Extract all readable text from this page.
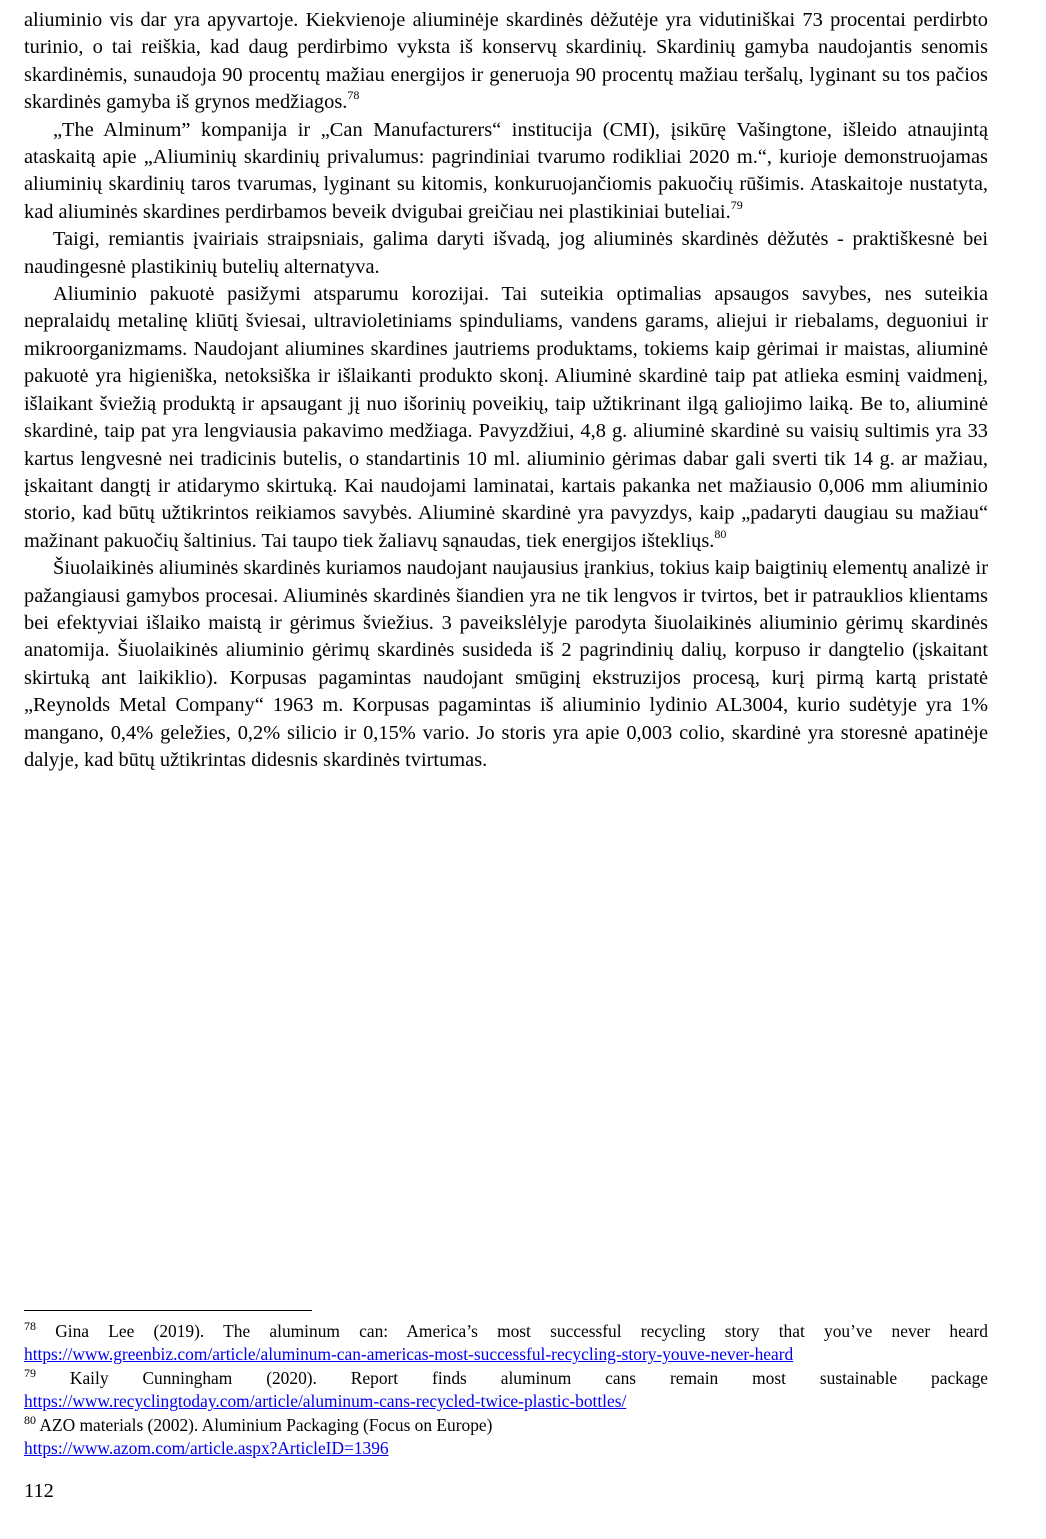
aliuminio vis dar yra apyvartoje. Kiekvienoje aliuminėje skardinės dėžutėje yra vidutiniškai 73 procentai perdirbto turinio, o tai reiškia, kad daug perdirbimo vyksta iš konservų skardinių. Skardinių gamyba naudojantis senomis skardinėmis, sunaudoja 90 procentų mažiau energijos ir generuoja 90 procentų mažiau teršalų, lyginant su tos pačios skardinės gamyba iš grynos medžiagos.$^{78}$

„The Alminum” kompanija ir „Can Manufacturers“ institucija (CMI), įsikūrę Vašingtone, išleido atnaujintą ataskaitą apie „Aliuminių skardinių privalumus: pagrindiniai tvarumo rodikliai 2020 m.“, kurioje demonstruojamas aliuminių skardinių taros tvarumas, lyginant su kitomis, konkuruojančiomis pakuočių rūšimis. Ataskaitoje nustatyta, kad aliuminės skardines perdirbamos beveik dvigubai greičiau nei plastikiniai buteliai.$^{79}$

Taigi, remiantis įvairiais straipsniais, galima daryti išvadą, jog aliuminės skardinės dėžutės - praktiškesnė bei naudingesnė plastikinių butelių alternatyva.

Aliuminio pakuotė pasižymi atsparumu korozijai. Tai suteikia optimalias apsaugos savybes, nes suteikia nepralaidų metalinę kliūtį šviesai, ultravioletiniams spinduliams, vandens garams, aliejui ir riebalams, deguoniui ir mikroorganizmams. Naudojant aliumines skardines jautriems produktams, tokiems kaip gėrimai ir maistas, aliuminė pakuotė yra higieniška, netoksiška ir išlaikanti produkto skonį. Aliuminė skardinė taip pat atlieka esminį vaidmenį, išlaikant šviežią produktą ir apsaugant jį nuo išorinių poveikių, taip užtikrinant ilgą galiojimo laiką. Be to, aliuminė skardinė, taip pat yra lengviausia pakavimo medžiaga. Pavyzdžiui, 4,8 g. aliuminė skardinė su vaisių sultimis yra 33 kartus lengvesnė nei tradicinis butelis, o standartinis 10 ml. aliuminio gėrimas dabar gali sverti tik 14 g. ar mažiau, įskaitant dangtį ir atidarymo skirtuką. Kai naudojami laminatai, kartais pakanka net mažiausio 0,006 mm aliuminio storio, kad būtų užtikrintos reikiamos savybės. Aliuminė skardinė yra pavyzdys, kaip „padaryti daugiau su mažiau“ mažinant pakuočių šaltinius. Tai taupo tiek žaliavų sąnaudas, tiek energijos ištekliųs.$^{80}$

Šiuolaikinės aliuminės skardinės kuriamos naudojant naujausius įrankius, tokius kaip baigtinių elementų analizė ir pažangiausi gamybos procesai. Aliuminės skardinės šiandien yra ne tik lengvos ir tvirtos, bet ir patrauklios klientams bei efektyviai išlaiko maistą ir gėrimus šviežius. 3 paveikslėlyje parodyta šiuolaikinės aliuminio gėrimų skardinės anatomija. Šiuolaikinės aliuminio gėrimų skardinės susideda iš 2 pagrindinių dalių, korpuso ir dangtelio (įskaitant skirtuką ant laikiklio). Korpusas pagamintas naudojant smūginį ekstruzijos procesą, kurį pirmą kartą pristatė „Reynolds Metal Company“ 1963 m. Korpusas pagamintas iš aliuminio lydinio AL3004, kurio sudėtyje yra 1% mangano, 0,4% geležies, 0,2% silicio ir 0,15% vario. Jo storis yra apie 0,003 colio, skardinė yra storesnė apatinėje dalyje, kad būtų užtikrintas didesnis skardinės tvirtumas.

$^{78}$ Gina Lee (2019). The aluminum can: America’s most successful recycling story that you’ve never heard
https://www.greenbiz.com/article/aluminum-can-americas-most-successful-recycling-story-youve-never-heard
$^{79}$ Kaily Cunningham (2020). Report finds aluminum cans remain most sustainable package
https://www.recyclingtoday.com/article/aluminum-cans-recycled-twice-plastic-bottles/
$^{80}$ AZO materials (2002). Aluminium Packaging (Focus on Europe)
https://www.azom.com/article.aspx?ArticleID=1396
112
